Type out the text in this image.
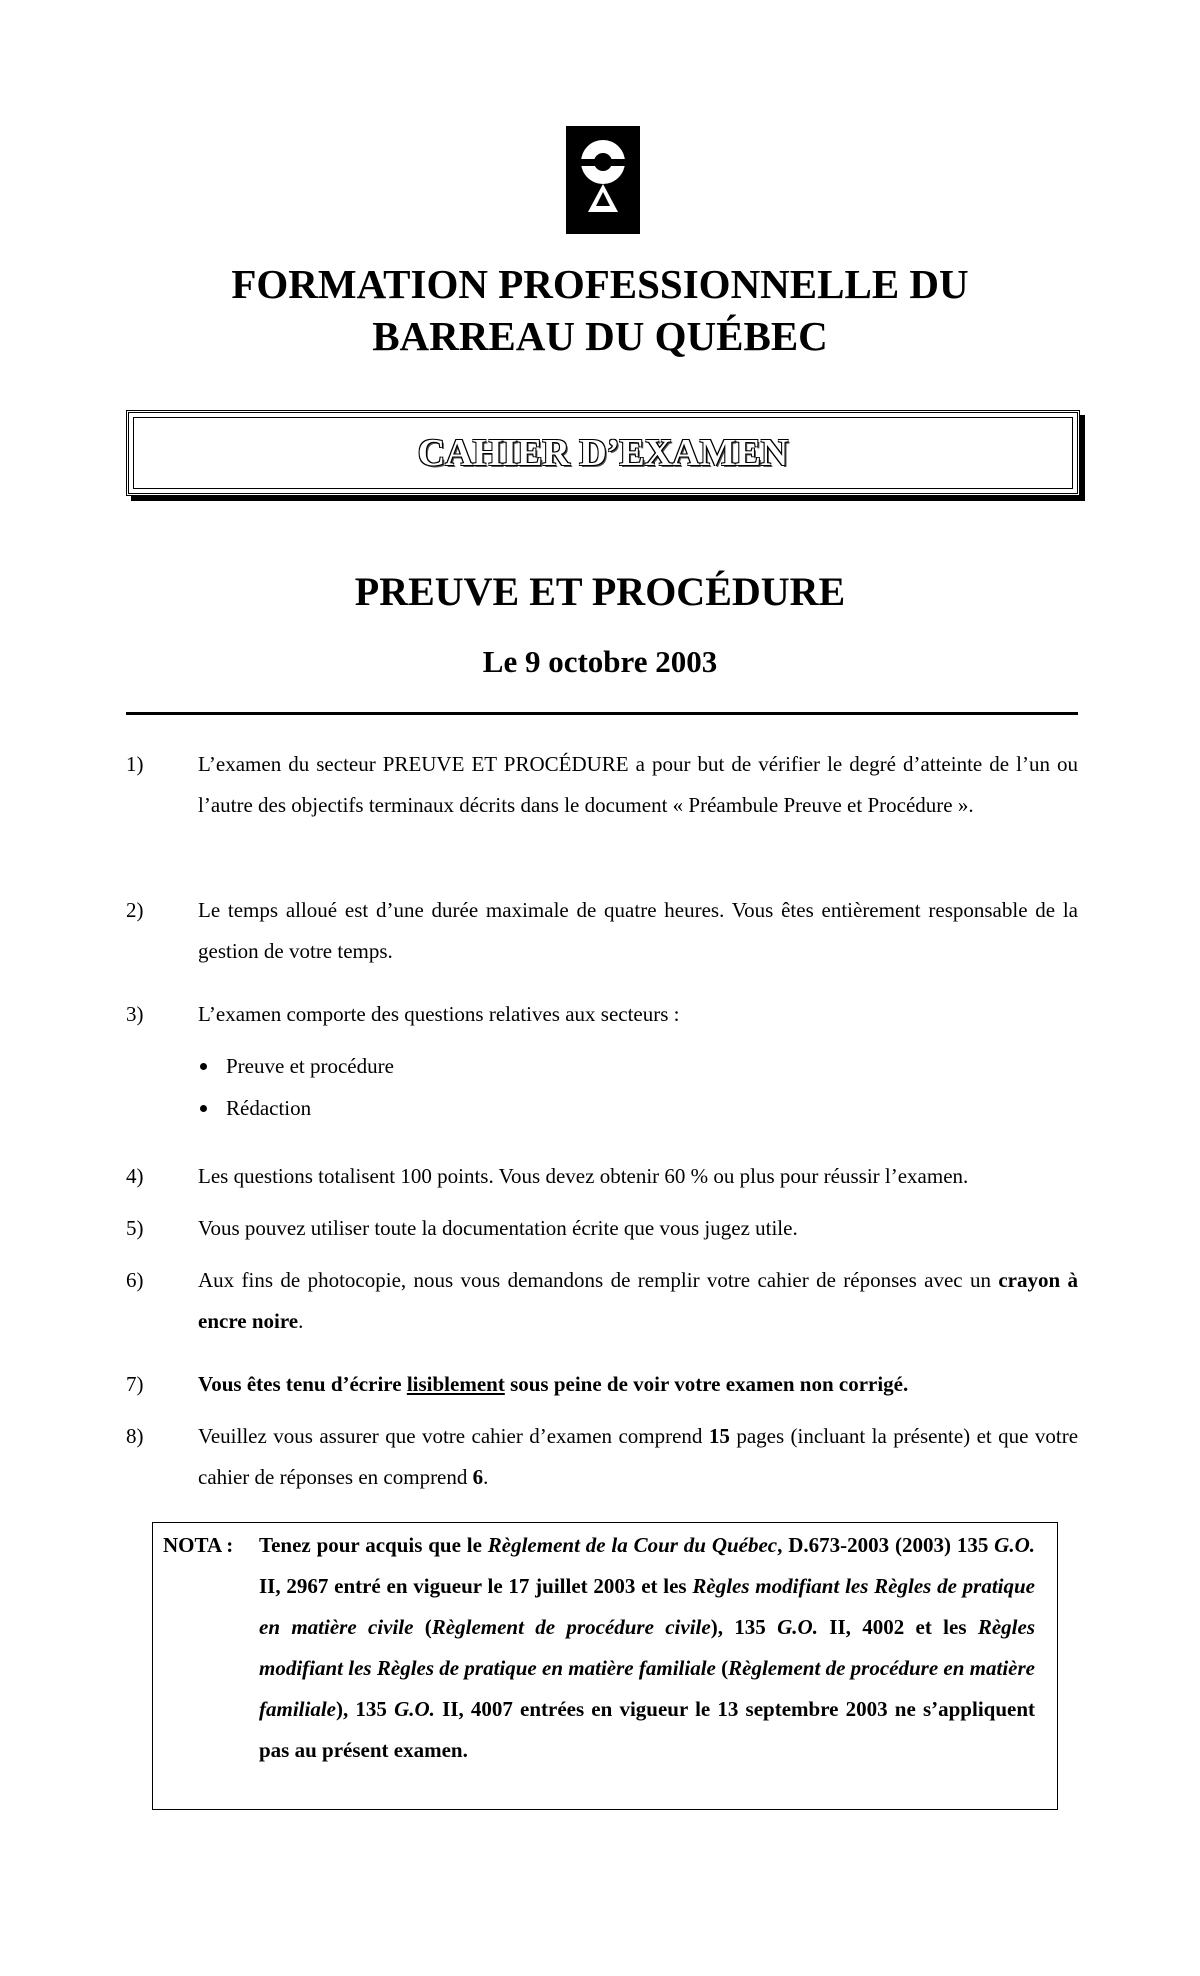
FORMATION PROFESSIONNELLE DU
BARREAU DU QUÉBEC
CAHIER D’EXAMEN
PREUVE ET PROCÉDURE
Le 9 octobre 2003
1)	L’examen du secteur PREUVE ET PROCÉDURE a pour but de vérifier le degré d’atteinte de l’un ou l’autre des objectifs terminaux décrits dans le document « Préambule Preuve et Procédure ».
2)	Le temps alloué est d’une durée maximale de quatre heures. Vous êtes entièrement responsable de la gestion de votre temps.
3)	L’examen comporte des questions relatives aux secteurs :
Preuve et procédure
Rédaction
4)	Les questions totalisent 100 points. Vous devez obtenir 60 % ou plus pour réussir l’examen.
5)	Vous pouvez utiliser toute la documentation écrite que vous jugez utile.
6)	Aux fins de photocopie, nous vous demandons de remplir votre cahier de réponses avec un crayon à encre noire.
7)	Vous êtes tenu d’écrire lisiblement sous peine de voir votre examen non corrigé.
8)	Veuillez vous assurer que votre cahier d’examen comprend 15 pages (incluant la présente) et que votre cahier de réponses en comprend 6.
NOTA : Tenez pour acquis que le Règlement de la Cour du Québec, D.673-2003 (2003) 135 G.O. II, 2967 entré en vigueur le 17 juillet 2003 et les Règles modifiant les Règles de pratique en matière civile (Règlement de procédure civile), 135 G.O. II, 4002 et les Règles modifiant les Règles de pratique en matière familiale (Règlement de procédure en matière familiale), 135 G.O. II, 4007 entrées en vigueur le 13 septembre 2003 ne s’appliquent pas au présent examen.
